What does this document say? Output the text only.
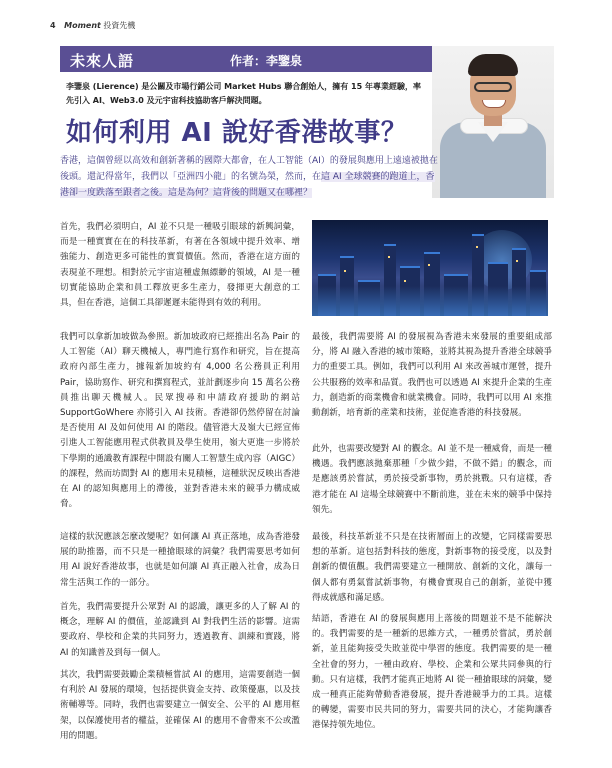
4 Moment 投資先機
未來人語	作者：李鑒泉
李鑒泉 (Lierence) 是公關及市場行銷公司 Market Hubs 聯合創始人，擁有 15 年專業經驗，率先引入 AI、Web3.0 及元宇宙科技協助客戶解決問題。
如何利用 AI 說好香港故事？
香港，這個曾經以高效和創新著稱的國際大都會，在人工智能（AI）的發展與應用上遠遠被拋在後頭。還記得當年，我們以「亞洲四小龍」的名號為榮，然而，在這 AI 全球競賽的跑道上，香港卻一度跌落至跟者之後。這是為何？這背後的問題又在哪裡？
首先，我們必須明白，AI 並不只是一種吸引眼球的新興詞彙，而是一種實實在在的科技革新，有著在各領域中提升效率、增強能力、創造更多可能性的實質價值。然而，香港在這方面的表現並不理想。相對於元宇宙這種虛無縹緲的領域，AI 是一種切實能協助企業和員工釋放更多生產力，發揮更大創意的工具，但在香港，這個工具卻遲遲未能得到有效的利用。
我們可以拿新加坡做為參照。新加坡政府已經推出名為 Pair 的人工智能（AI）聊天機械人，專門進行寫作和研究，旨在提高政府內部生產力，據報新加坡約有 4,000 名公務員正利用 Pair，協助寫作、研究和撰寫程式，並計劃逐步向 15 萬名公務員推出聊天機械人。民眾搜尋和申請政府援助的網站 SupportGoWhere 亦將引入 AI 技術。香港卻仍然停留在討論是否使用 AI 及如何使用 AI 的階段。儘管港大及嶺大已經宣佈引進人工智能應用程式供教員及學生使用，嶺大更進一步將於下學期的通識教育課程中開設有關人工智慧生成內容（AIGC）的課程，然而坊間對 AI 的應用未見積極，這種狀況反映出香港在 AI 的認知與應用上的滯後，並對香港未來的競爭力構成威脅。
這樣的狀況應該怎麼改變呢？如何讓 AI 真正落地，成為香港發展的助推器，而不只是一種搶眼球的詞彙？我們需要思考如何用 AI 說好香港故事，也就是如何讓 AI 真正融入社會，成為日常生活與工作的一部分。
首先，我們需要提升公眾對 AI 的認識，讓更多的人了解 AI 的概念，理解 AI 的價值，並認識到 AI 對我們生活的影響。這需要政府、學校和企業的共同努力，透過教育、訓練和實踐，將 AI 的知識普及到每一個人。
其次，我們需要鼓勵企業積極嘗試 AI 的應用，這需要創造一個有利於 AI 發展的環境，包括提供資金支持、政策優惠，以及技術輔導等。同時，我們也需要建立一個安全、公平的 AI 應用框架，以保護使用者的權益，並確保 AI 的應用不會帶來不公或濫用的問題。
最後，我們需要將 AI 的發展視為香港未來發展的重要組成部分，將 AI 融入香港的城市策略，並將其視為提升香港全球競爭力的重要工具。例如，我們可以利用 AI 來改善城市運營，提升公共服務的效率和品質。我們也可以透過 AI 來提升企業的生產力，創造新的商業機會和就業機會。同時，我們可以用 AI 來推動創新，培育新的產業和技術，並促進香港的科技發展。
此外，也需要改變對 AI 的觀念。AI 並不是一種威脅，而是一種機遇。我們應該拋棄那種「少做少錯，不做不錯」的觀念，而是應該勇於嘗試，勇於接受新事物，勇於挑戰。只有這樣，香港才能在 AI 這場全球競賽中不斷前進，並在未來的競爭中保持領先。
最後，科技革新並不只是在技術層面上的改變，它同樣需要思想的革新。這包括對科技的態度，對新事物的接受度，以及對創新的價值觀。我們需要建立一種開放、創新的文化，讓每一個人都有勇氣嘗試新事物，有機會實現自己的創新，並從中獲得成就感和滿足感。
結語，香港在 AI 的發展與應用上落後的問題並不是不能解決的。我們需要的是一種新的思維方式，一種勇於嘗試，勇於創新，並且能夠接受失敗並從中學習的態度。我們需要的是一種全社會的努力，一種由政府、學校、企業和公眾共同參與的行動。只有這樣，我們才能真正地將 AI 從一種搶眼球的詞彙，變成一種真正能夠帶動香港發展，提升香港競爭力的工具。這樣的轉變，需要市民共同的努力，需要共同的決心，才能夠讓香港保持領先地位。
